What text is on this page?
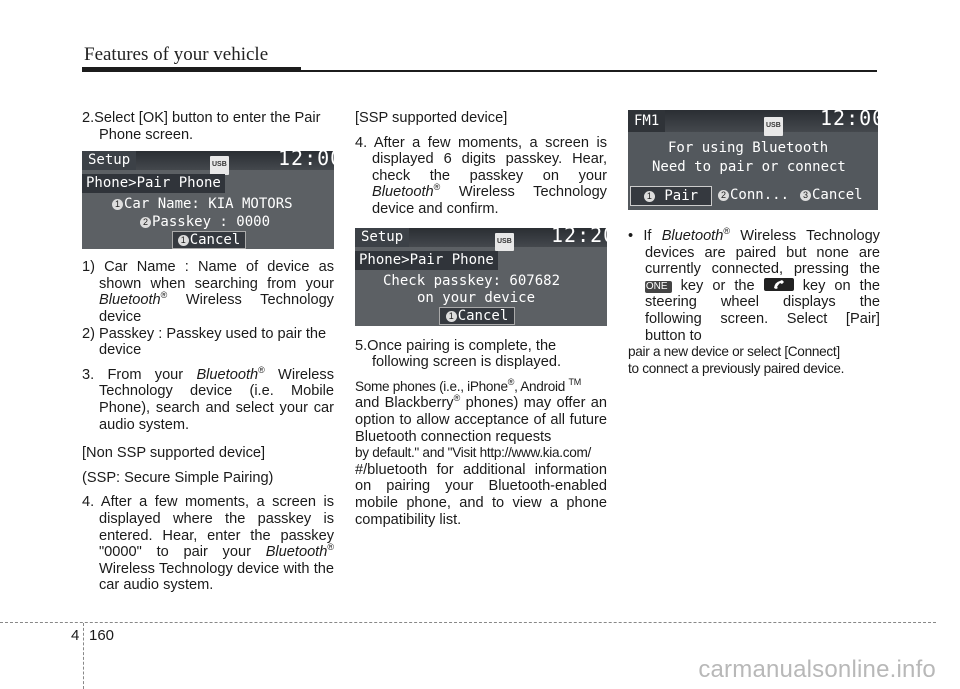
Features of your vehicle

2.Select [OK] button to enter the Pair Phone screen.

Setup	USB	12:00
Phone>Pair Phone
1 Car Name: KIA MOTORS
2 Passkey : 0000
1 Cancel

1) Car Name : Name of device as shown when searching from your Bluetooth® Wireless Technology device

2) Passkey : Passkey used to pair the device

3. From your Bluetooth® Wireless Technology device (i.e. Mobile Phone), search and select your car audio system.

[Non SSP supported device]

(SSP: Secure Simple Pairing)

4. After a few moments, a screen is displayed where the passkey is entered. Hear, enter the passkey "0000" to pair your Bluetooth® Wireless Technology device with the car audio system.

[SSP supported device]

4. After a few moments, a screen is displayed 6 digits passkey. Hear, check the passkey on your Bluetooth® Wireless Technology device and confirm.

Setup	USB 12:20
Phone>Pair Phone
Check passkey: 607682
on your device
1 Cancel

5.Once pairing is complete, the following screen is displayed.

Some phones (i.e., iPhone®, Android ™

and Blackberry® phones) may offer an option to allow acceptance of all future Bluetooth connection requests

by default." and "Visit http://www.kia.com/

#/bluetooth for additional information on pairing your Bluetooth-enabled mobile phone, and to view a phone compatibility list.

FM1	USB 12:00
For using Bluetooth
Need to pair or connect
1 Pair	2 Conn...	3 Cancel

• If Bluetooth® Wireless Technology devices are paired but none are currently connected, pressing the PHONE key or the	key on the steering wheel displays the following screen. Select [Pair] button to

pair a new device or select [Connect]

to connect a previously paired device.

4 160
carmanualsonline.info
